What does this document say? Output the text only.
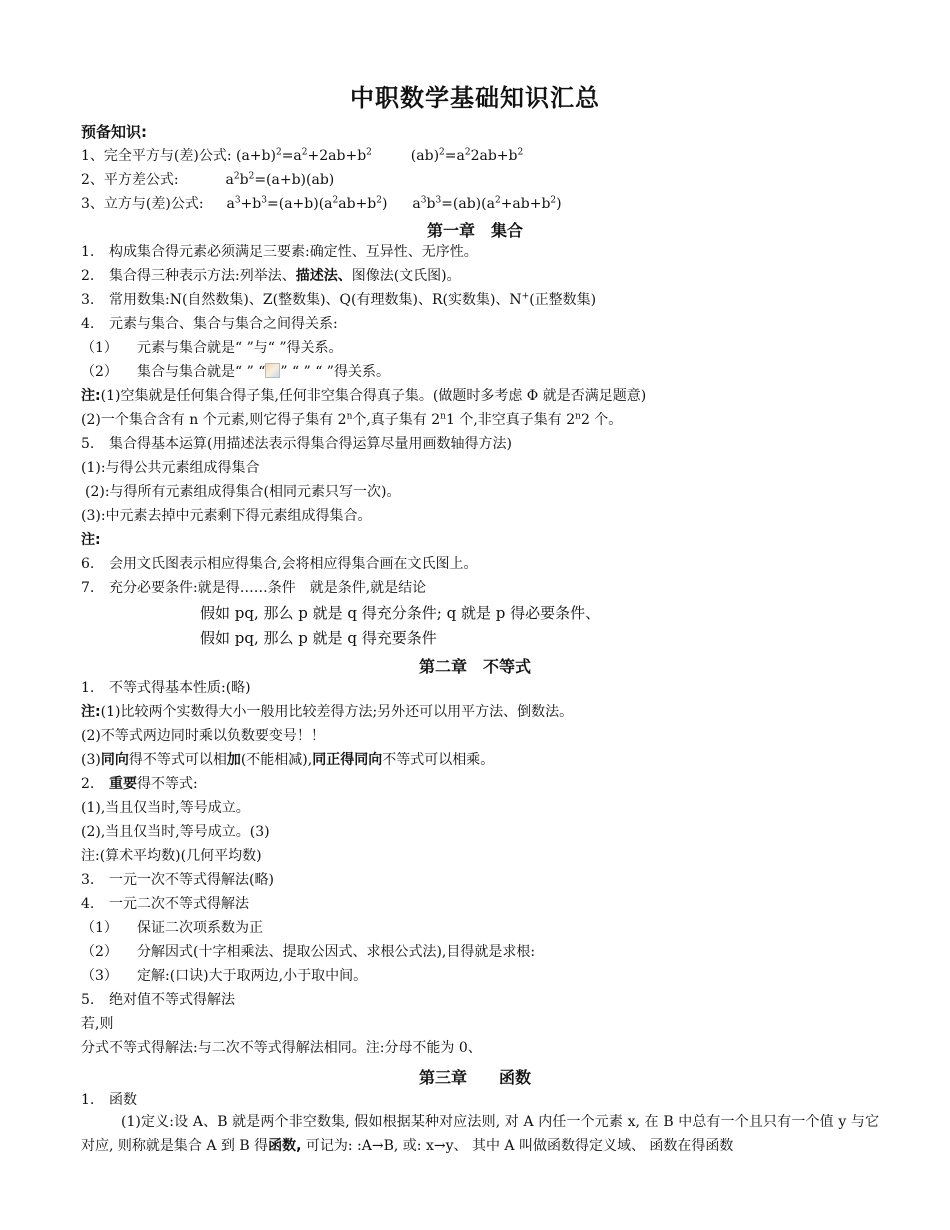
中职数学基础知识汇总
预备知识:
1、完全平方与(差)公式: $(a+b)^2=a^2+2ab+b^2$	$(ab)^2=a^22ab+b^2$
2、平方差公式:	$a^2b^2=(a+b)(ab)$
3、立方与(差)公式: $a^3+b^3=(a+b)(a^2ab+b^2)$ $a^3b^3=(ab)(a^2+ab+b^2)$
第一章　集合
1. 构成集合得元素必须满足三要素:确定性、互异性、无序性。
2. 集合得三种表示方法:列举法、描述法、图像法(文氏图)。
3. 常用数集:N(自然数集)、Z(整数集)、Q(有理数集)、R(实数集)、N+(正整数集)
4. 元素与集合、集合与集合之间得关系:
（1） 元素与集合就是“ ”与“ ”得关系。
（2） 集合与集合就是“ ” “ ” “ ” “ ”得关系。
注:(1)空集就是任何集合得子集,任何非空集合得真子集。(做题时多考虑 Φ 就是否满足题意)
(2)一个集合含有 n 个元素,则它得子集有 2$^n$个,真子集有 2$^n$1 个,非空真子集有 2$^n$2 个。
5. 集合得基本运算(用描述法表示得集合得运算尽量用画数轴得方法)
(1):与得公共元素组成得集合
(2):与得所有元素组成得集合(相同元素只写一次)。
(3):中元素去掉中元素剩下得元素组成得集合。
注:
6. 会用文氏图表示相应得集合,会将相应得集合画在文氏图上。
7. 充分必要条件:就是得……条件　就是条件,就是结论
假如 pq, 那么 p 就是 q 得充分条件; q 就是 p 得必要条件、
假如 pq, 那么 p 就是 q 得充要条件
第二章　不等式
1. 不等式得基本性质:(略)
注:(1)比较两个实数得大小一般用比较差得方法;另外还可以用平方法、倒数法。
(2)不等式两边同时乘以负数要变号！！
(3)同向得不等式可以相加(不能相减),同正得同向不等式可以相乘。
2. 重要得不等式:
(1),当且仅当时,等号成立。
(2),当且仅当时,等号成立。(3)
注:(算术平均数)(几何平均数)
3. 一元一次不等式得解法(略)
4. 一元二次不等式得解法
（1） 保证二次项系数为正
（2） 分解因式(十字相乘法、提取公因式、求根公式法),目得就是求根:
（3） 定解:(口诀)大于取两边,小于取中间。
5. 绝对值不等式得解法
若,则
分式不等式得解法:与二次不等式得解法相同。注:分母不能为 0、
第三章　　函数
1. 函数
(1)定义:设 A、B 就是两个非空数集, 假如根据某种对应法则, 对 A 内任一个元素 x, 在 B 中总有一个且只有一个值 y 与它对应, 则称就是集合 A 到 B 得函数, 可记为: :A→B, 或: x→y、 其中 A 叫做函数得定义域、 函数在得函数
